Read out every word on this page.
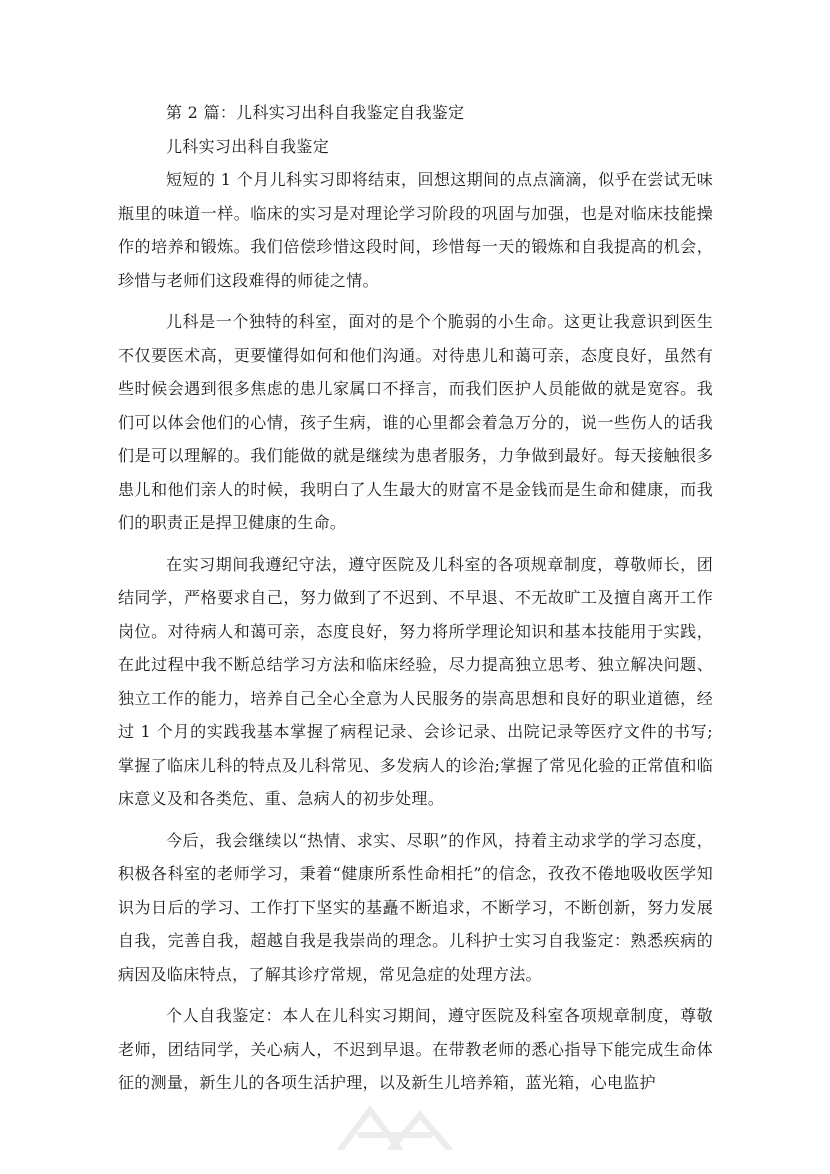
第 2 篇：儿科实习出科自我鉴定自我鉴定

儿科实习出科自我鉴定

短短的 1 个月儿科实习即将结束，回想这期间的点点滴滴，似乎在尝试无味瓶里的味道一样。临床的实习是对理论学习阶段的巩固与加强，也是对临床技能操作的培养和锻炼。我们倍偿珍惜这段时间，珍惜每一天的锻炼和自我提高的机会，珍惜与老师们这段难得的师徒之情。

儿科是一个独特的科室，面对的是个个脆弱的小生命。这更让我意识到医生不仅要医术高，更要懂得如何和他们沟通。对待患儿和蔼可亲，态度良好，虽然有些时候会遇到很多焦虑的患儿家属口不择言，而我们医护人员能做的就是宽容。我们可以体会他们的心情，孩子生病，谁的心里都会着急万分的，说一些伤人的话我们是可以理解的。我们能做的就是继续为患者服务，力争做到最好。每天接触很多患儿和他们亲人的时候，我明白了人生最大的财富不是金钱而是生命和健康，而我们的职责正是捍卫健康的生命。

在实习期间我遵纪守法，遵守医院及儿科室的各项规章制度，尊敬师长，团结同学，严格要求自己，努力做到了不迟到、不早退、不无故旷工及擅自离开工作岗位。对待病人和蔼可亲，态度良好，努力将所学理论知识和基本技能用于实践，在此过程中我不断总结学习方法和临床经验，尽力提高独立思考、独立解决问题、独立工作的能力，培养自己全心全意为人民服务的崇高思想和良好的职业道德，经过 1 个月的实践我基本掌握了病程记录、会诊记录、出院记录等医疗文件的书写;掌握了临床儿科的特点及儿科常见、多发病人的诊治;掌握了常见化验的正常值和临床意义及和各类危、重、急病人的初步处理。

今后，我会继续以“热情、求实、尽职”的作风，持着主动求学的学习态度，积极各科室的老师学习，秉着“健康所系性命相托”的信念，孜孜不倦地吸收医学知识为日后的学习、工作打下坚实的基矗不断追求，不断学习，不断创新，努力发展自我，完善自我，超越自我是我崇尚的理念。儿科护士实习自我鉴定：熟悉疾病的病因及临床特点，了解其诊疗常规，常见急症的处理方法。

个人自我鉴定：本人在儿科实习期间，遵守医院及科室各项规章制度，尊敬老师，团结同学，关心病人，不迟到早退。在带教老师的悉心指导下能完成生命体征的测量，新生儿的各项生活护理，以及新生儿培养箱，蓝光箱，心电监护
